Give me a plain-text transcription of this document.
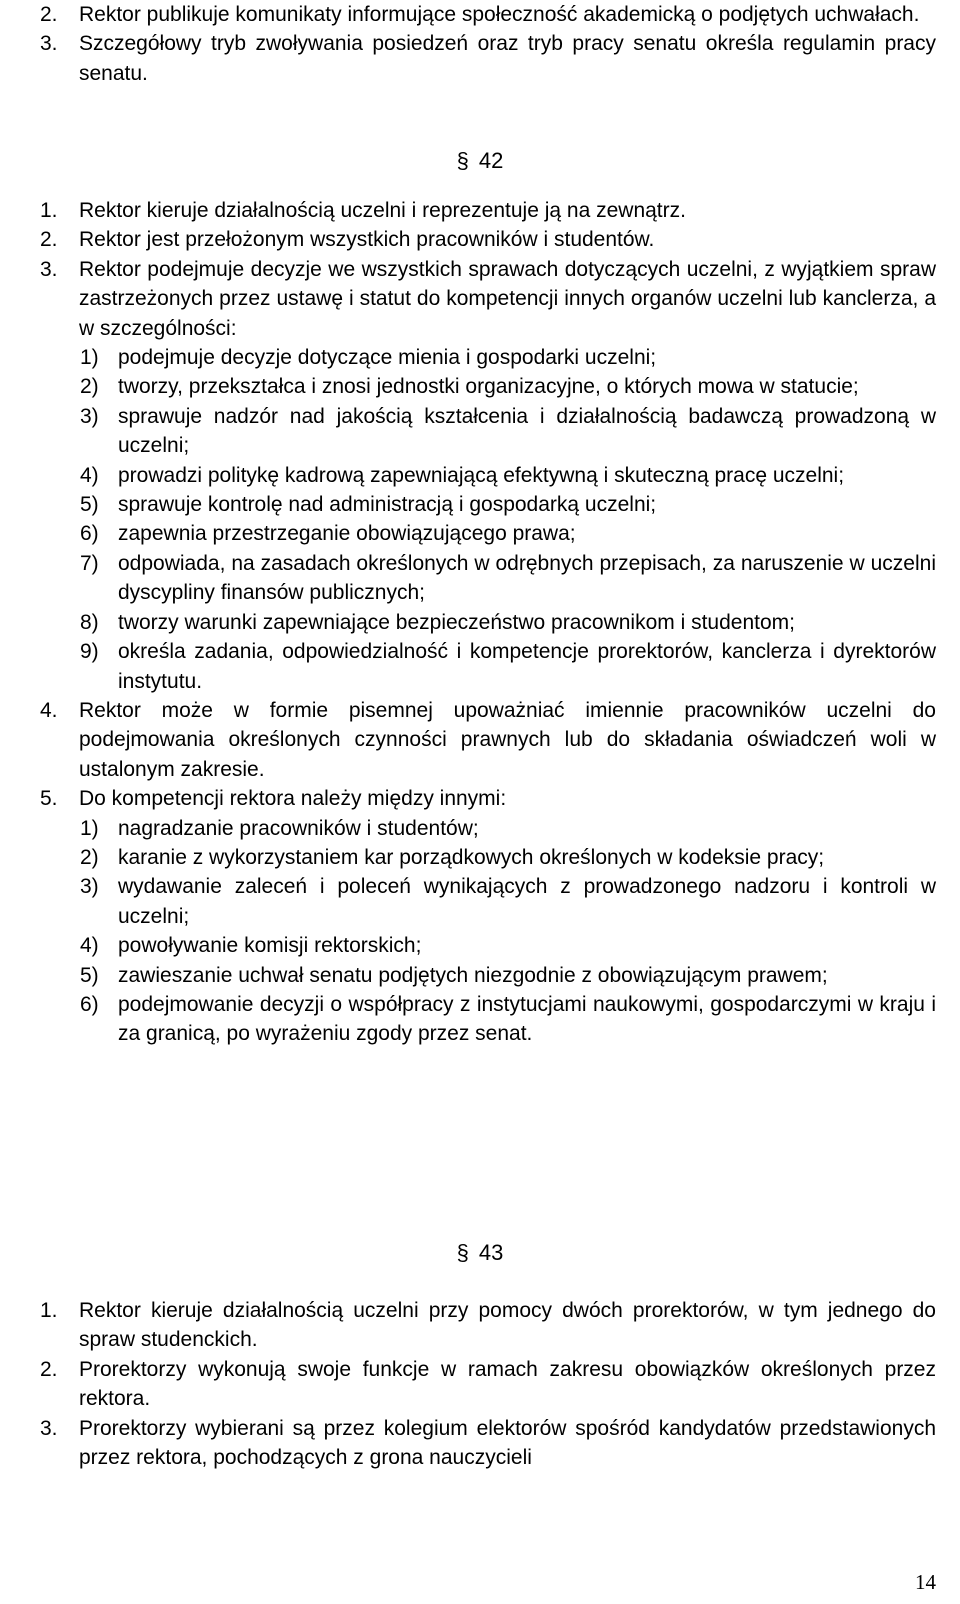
2. Rektor publikuje komunikaty informujące społeczność akademicką o podjętych uchwałach.

3. Szczegółowy tryb zwoływania posiedzeń oraz tryb pracy senatu określa regulamin pracy senatu.

§ 42

1. Rektor kieruje działalnością uczelni i reprezentuje ją na zewnątrz.

2. Rektor jest przełożonym wszystkich pracowników i studentów.

3. Rektor podejmuje decyzje we wszystkich sprawach dotyczących uczelni, z wyjątkiem spraw zastrzeżonych przez ustawę i statut do kompetencji innych organów uczelni lub kanclerza, a w szczególności:

1) podejmuje decyzje dotyczące mienia i gospodarki uczelni;

2) tworzy, przekształca i znosi jednostki organizacyjne, o których mowa w statucie;

3) sprawuje nadzór nad jakością kształcenia i działalnością badawczą prowadzoną w uczelni;

4) prowadzi politykę kadrową zapewniającą efektywną i skuteczną pracę uczelni;

5) sprawuje kontrolę nad administracją i gospodarką uczelni;

6) zapewnia przestrzeganie obowiązującego prawa;

7) odpowiada, na zasadach określonych w odrębnych przepisach, za naruszenie w uczelni dyscypliny finansów publicznych;

8) tworzy warunki zapewniające bezpieczeństwo pracownikom i studentom;

9) określa zadania, odpowiedzialność i kompetencje prorektorów, kanclerza i dyrektorów instytutu.

4. Rektor może w formie pisemnej upoważniać imiennie pracowników uczelni do podejmowania określonych czynności prawnych lub do składania oświadczeń woli w ustalonym zakresie.

5. Do kompetencji rektora należy między innymi:

1) nagradzanie pracowników i studentów;

2) karanie z wykorzystaniem kar porządkowych określonych w kodeksie pracy;

3) wydawanie zaleceń i poleceń wynikających z prowadzonego nadzoru i kontroli w uczelni;

4) powoływanie komisji rektorskich;

5) zawieszanie uchwał senatu podjętych niezgodnie z obowiązującym prawem;

6) podejmowanie decyzji o współpracy z instytucjami naukowymi, gospodarczymi w kraju i za granicą, po wyrażeniu zgody przez senat.

§ 43

1. Rektor kieruje działalnością uczelni przy pomocy dwóch prorektorów, w tym jednego do spraw studenckich.

2. Prorektorzy wykonują swoje funkcje w ramach zakresu obowiązków określonych przez rektora.

3. Prorektorzy wybierani są przez kolegium elektorów spośród kandydatów przedstawionych przez rektora, pochodzących z grona nauczycieli

14
